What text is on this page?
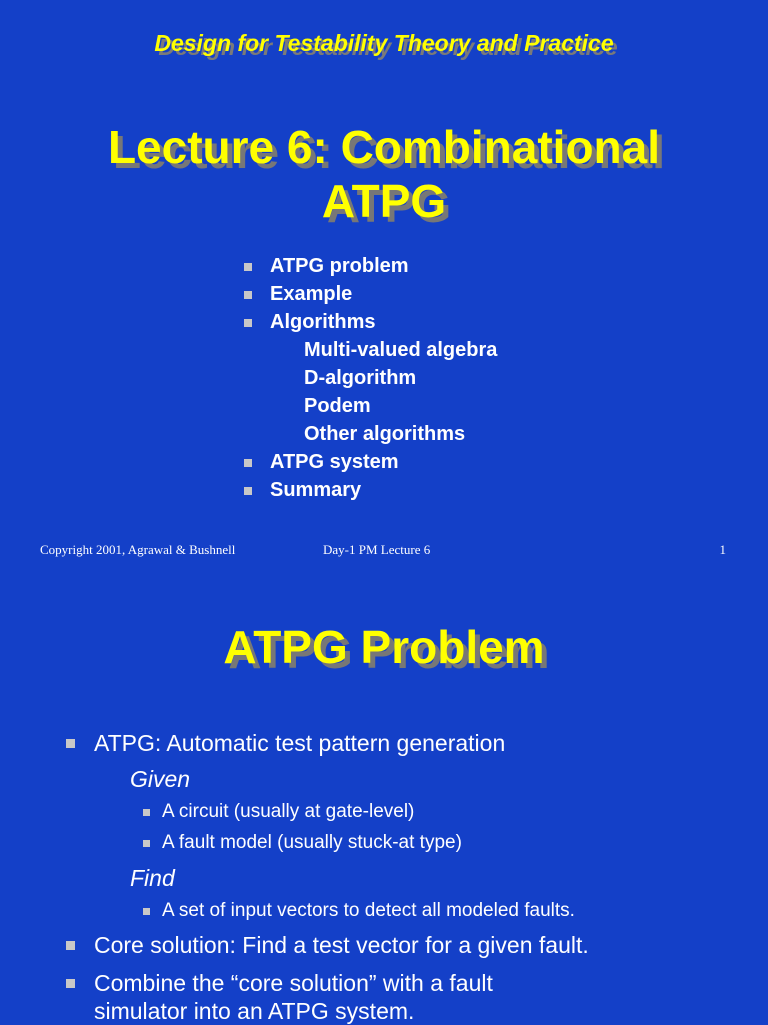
Design for Testability Theory and Practice
Lecture 6: Combinational
ATPG
ATPG problem
Example
Algorithms
Multi-valued algebra
D-algorithm
Podem
Other algorithms
ATPG system
Summary
Copyright 2001, Agrawal & Bushnell	Day-1 PM Lecture 6	1
ATPG Problem
ATPG: Automatic test pattern generation
Given
A circuit (usually at gate-level)
A fault model (usually stuck-at type)
Find
A set of input vectors to detect all modeled faults.
Core solution: Find a test vector for a given fault.
Combine the “core solution” with a fault
simulator into an ATPG system.
